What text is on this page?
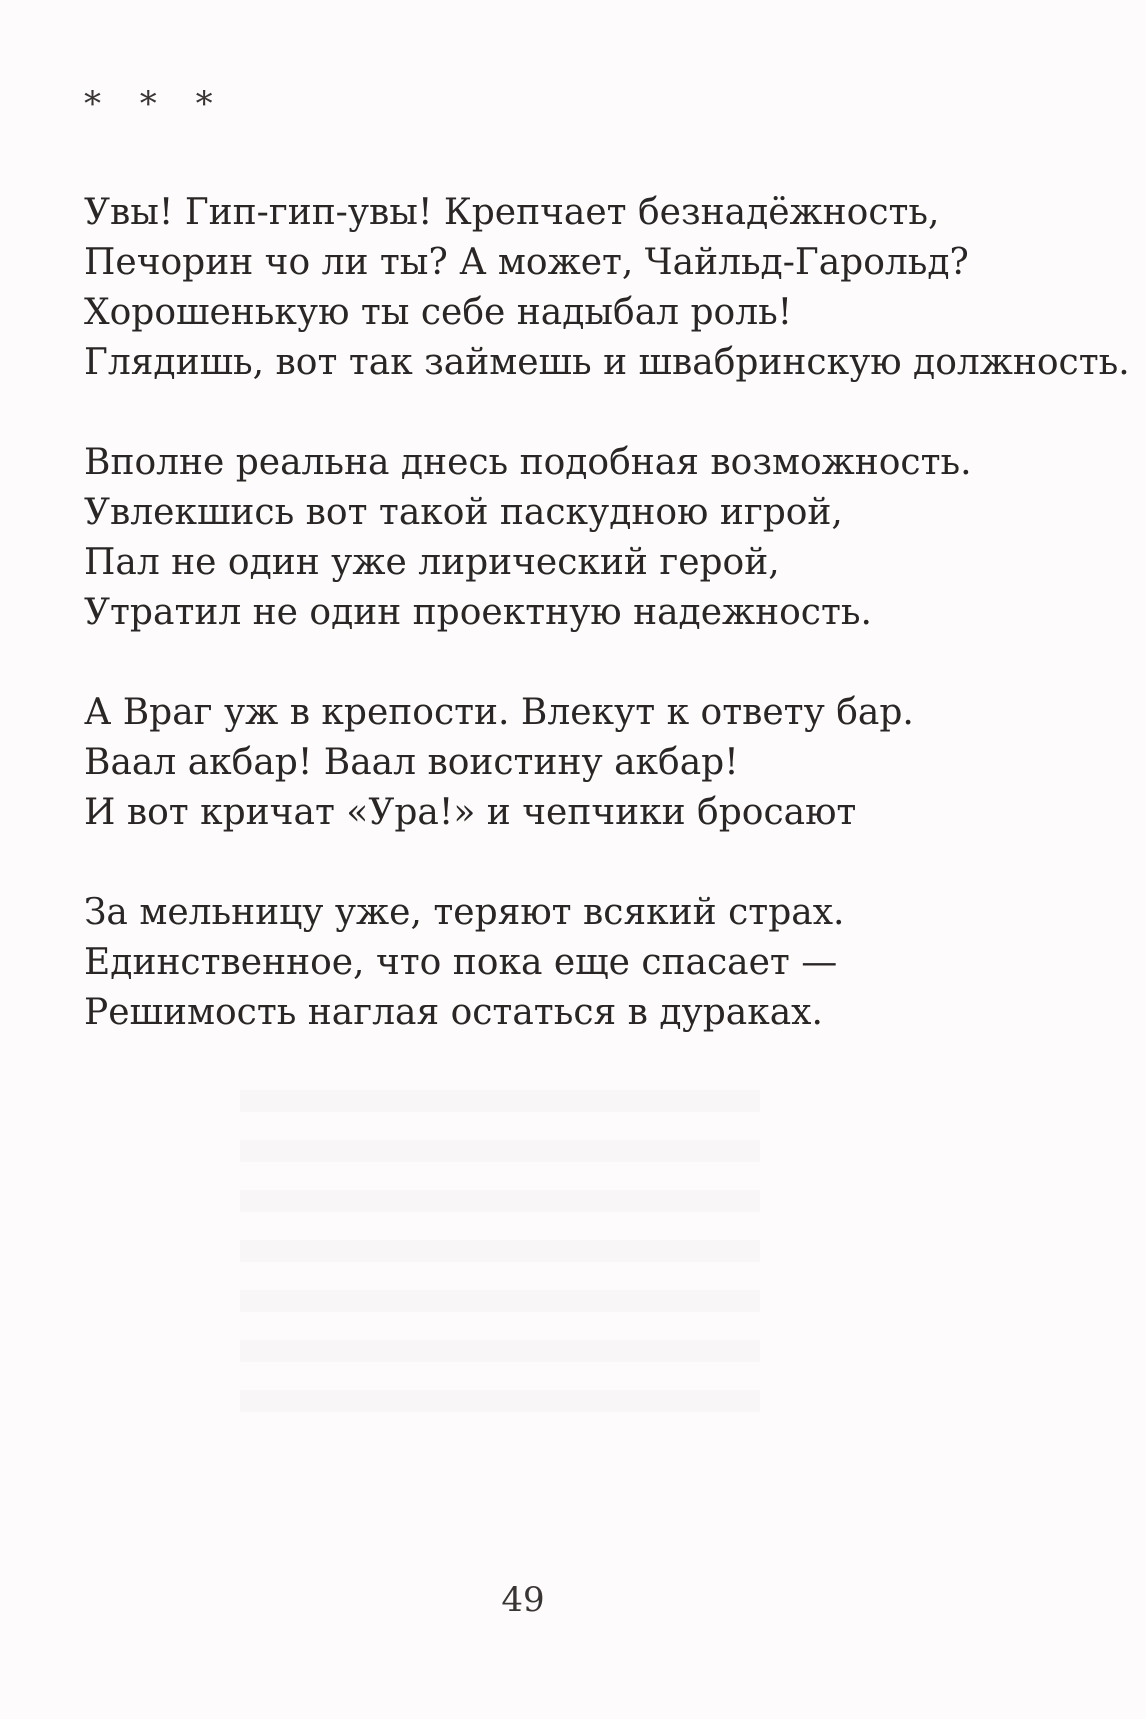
* * *

Увы! Гип-гип-увы! Крепчает безнадёжность,
Печорин чо ли ты? А может, Чайльд-Гарольд?
Хорошенькую ты себе надыбал роль!
Глядишь, вот так займешь и швабринскую должность.
Вполне реальна днесь подобная возможность.
Увлекшись вот такой паскудною игрой,
Пал не один уже лирический герой,
Утратил не один проектную надежность.
А Враг уж в крепости. Влекут к ответу бар.
Ваал акбар! Ваал воистину акбар!
И вот кричат «Ура!» и чепчики бросают
За мельницу уже, теряют всякий страх.
Единственное, что пока еще спасает —
Решимость наглая остаться в дураках.

49
